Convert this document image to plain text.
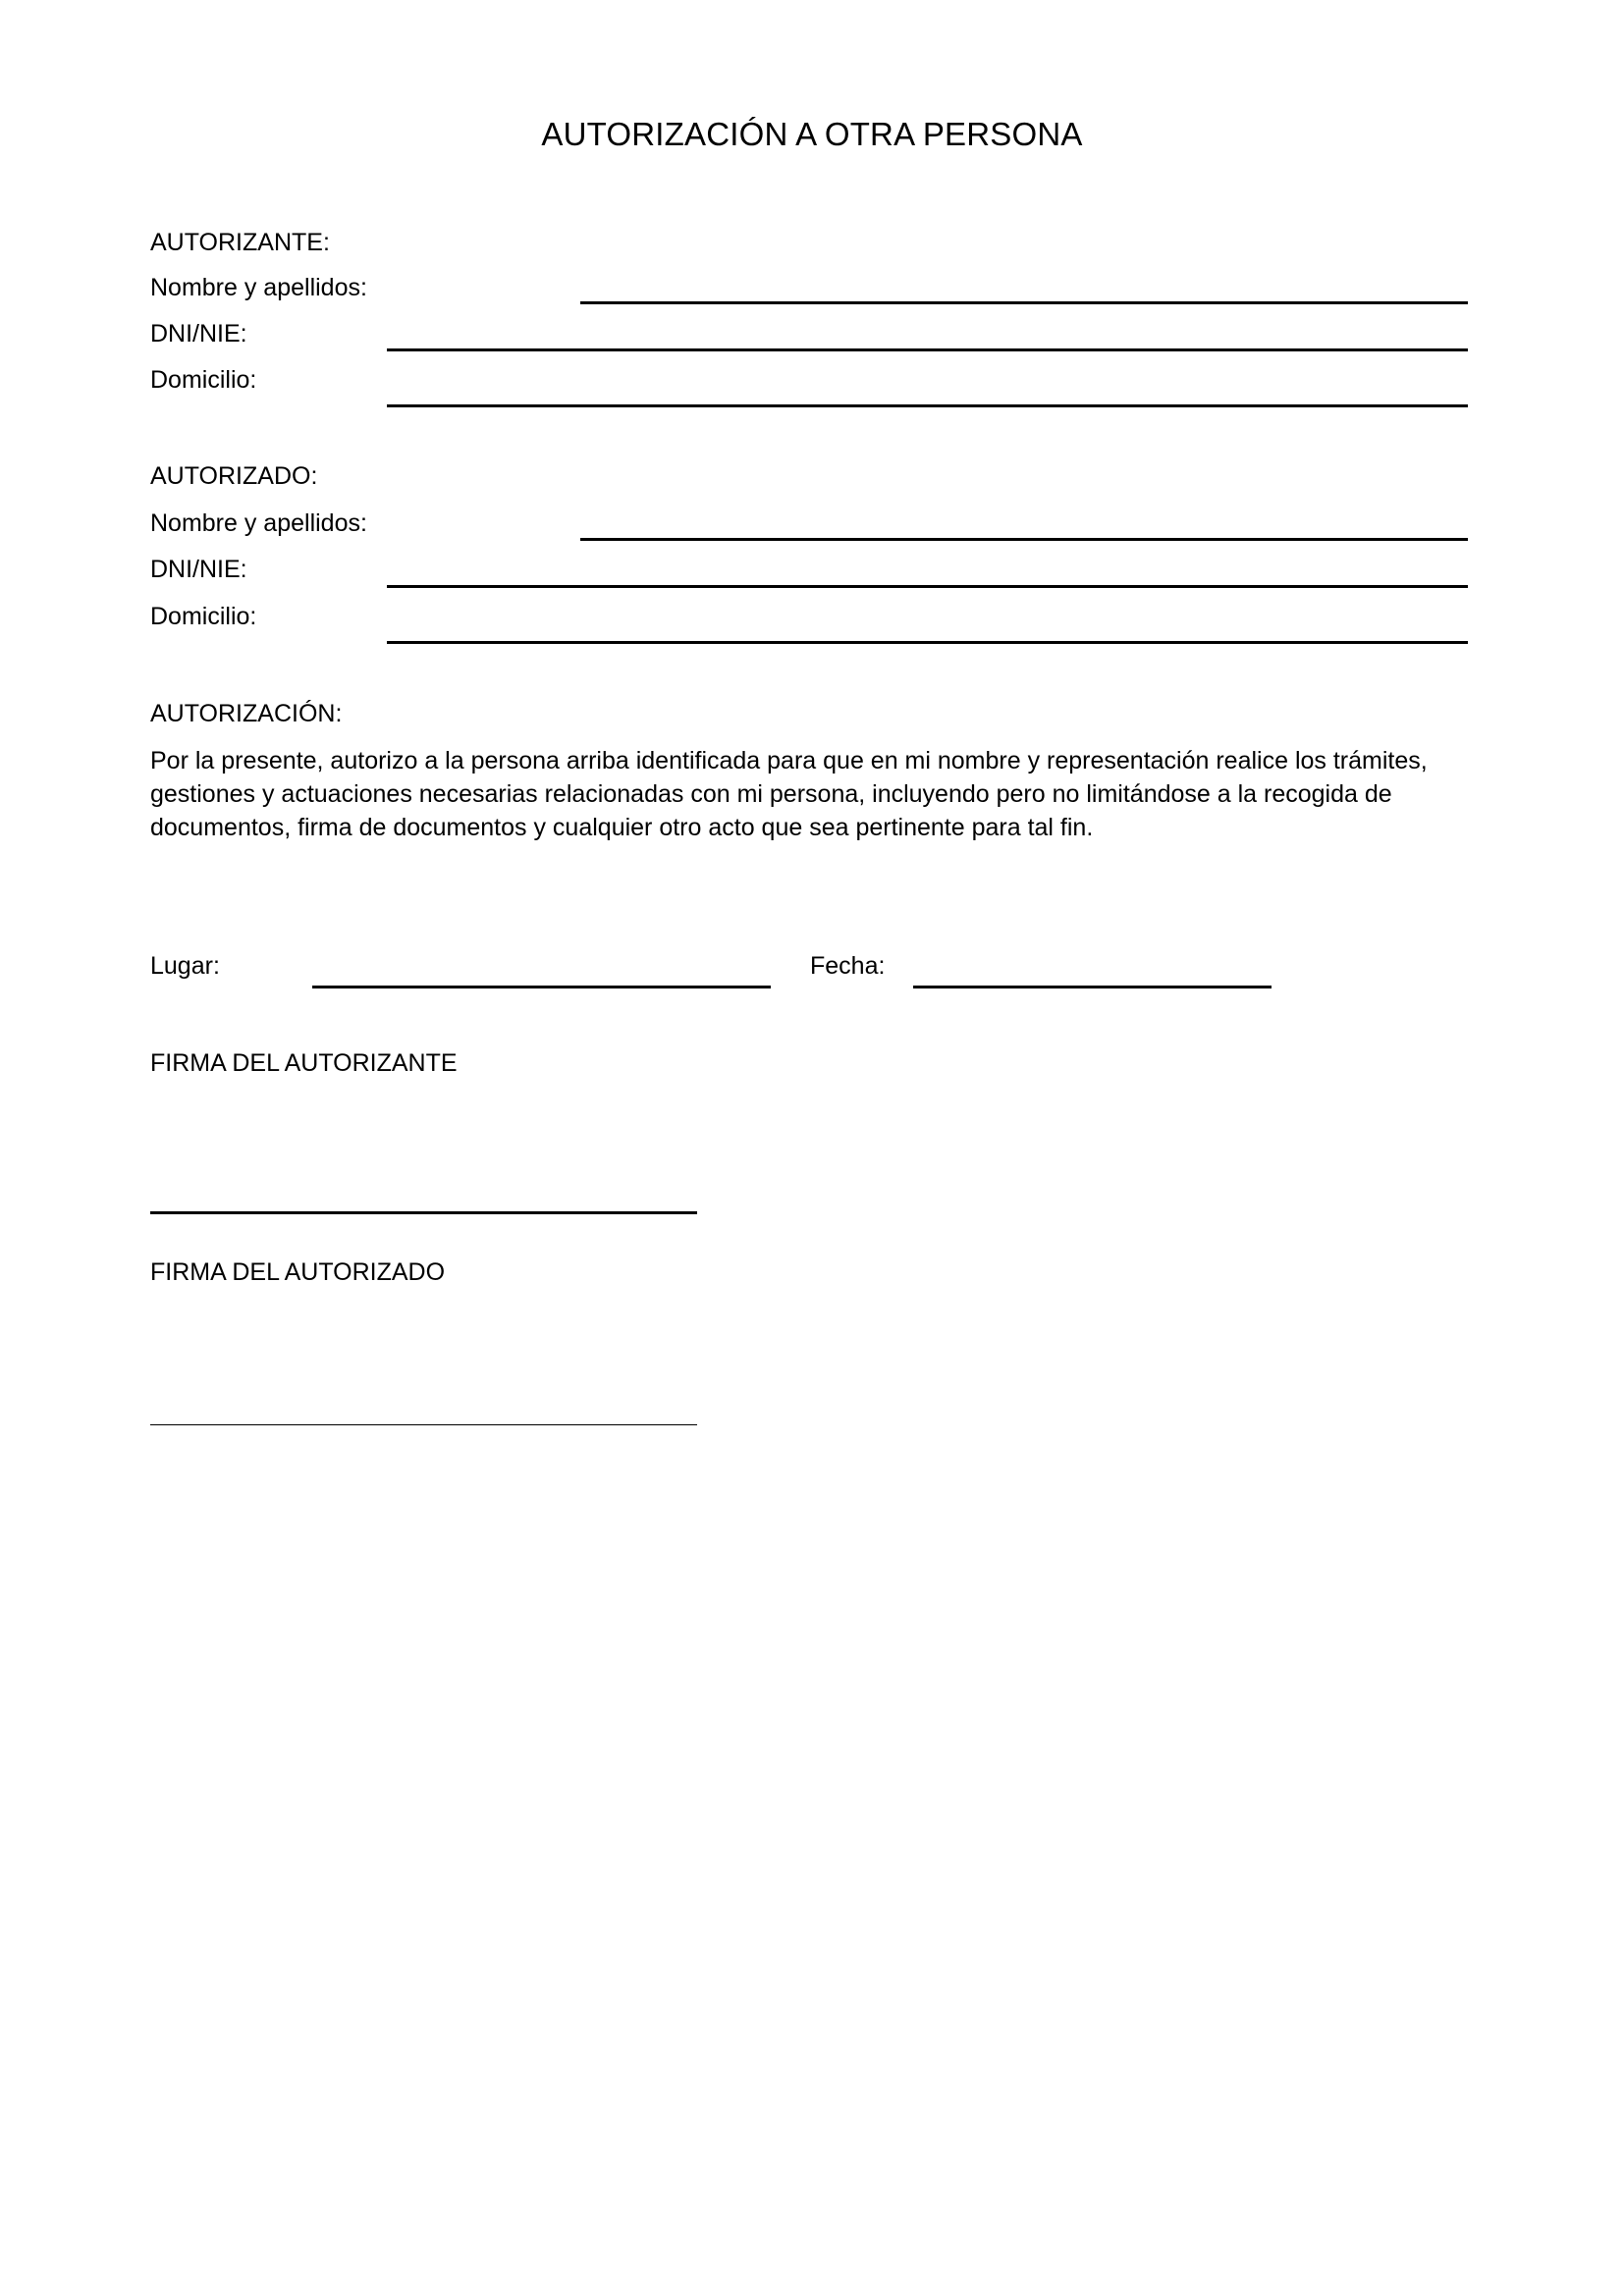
AUTORIZACIÓN A OTRA PERSONA
AUTORIZANTE:
Nombre y apellidos:
DNI/NIE:
Domicilio:
AUTORIZADO:
Nombre y apellidos:
DNI/NIE:
Domicilio:
AUTORIZACIÓN:
Por la presente, autorizo a la persona arriba identificada para que en mi nombre y representación realice los trámites, gestiones y actuaciones necesarias relacionadas con mi persona, incluyendo pero no limitándose a la recogida de documentos, firma de documentos y cualquier otro acto que sea pertinente para tal fin.
Lugar:	Fecha:
FIRMA DEL AUTORIZANTE
FIRMA DEL AUTORIZADO
